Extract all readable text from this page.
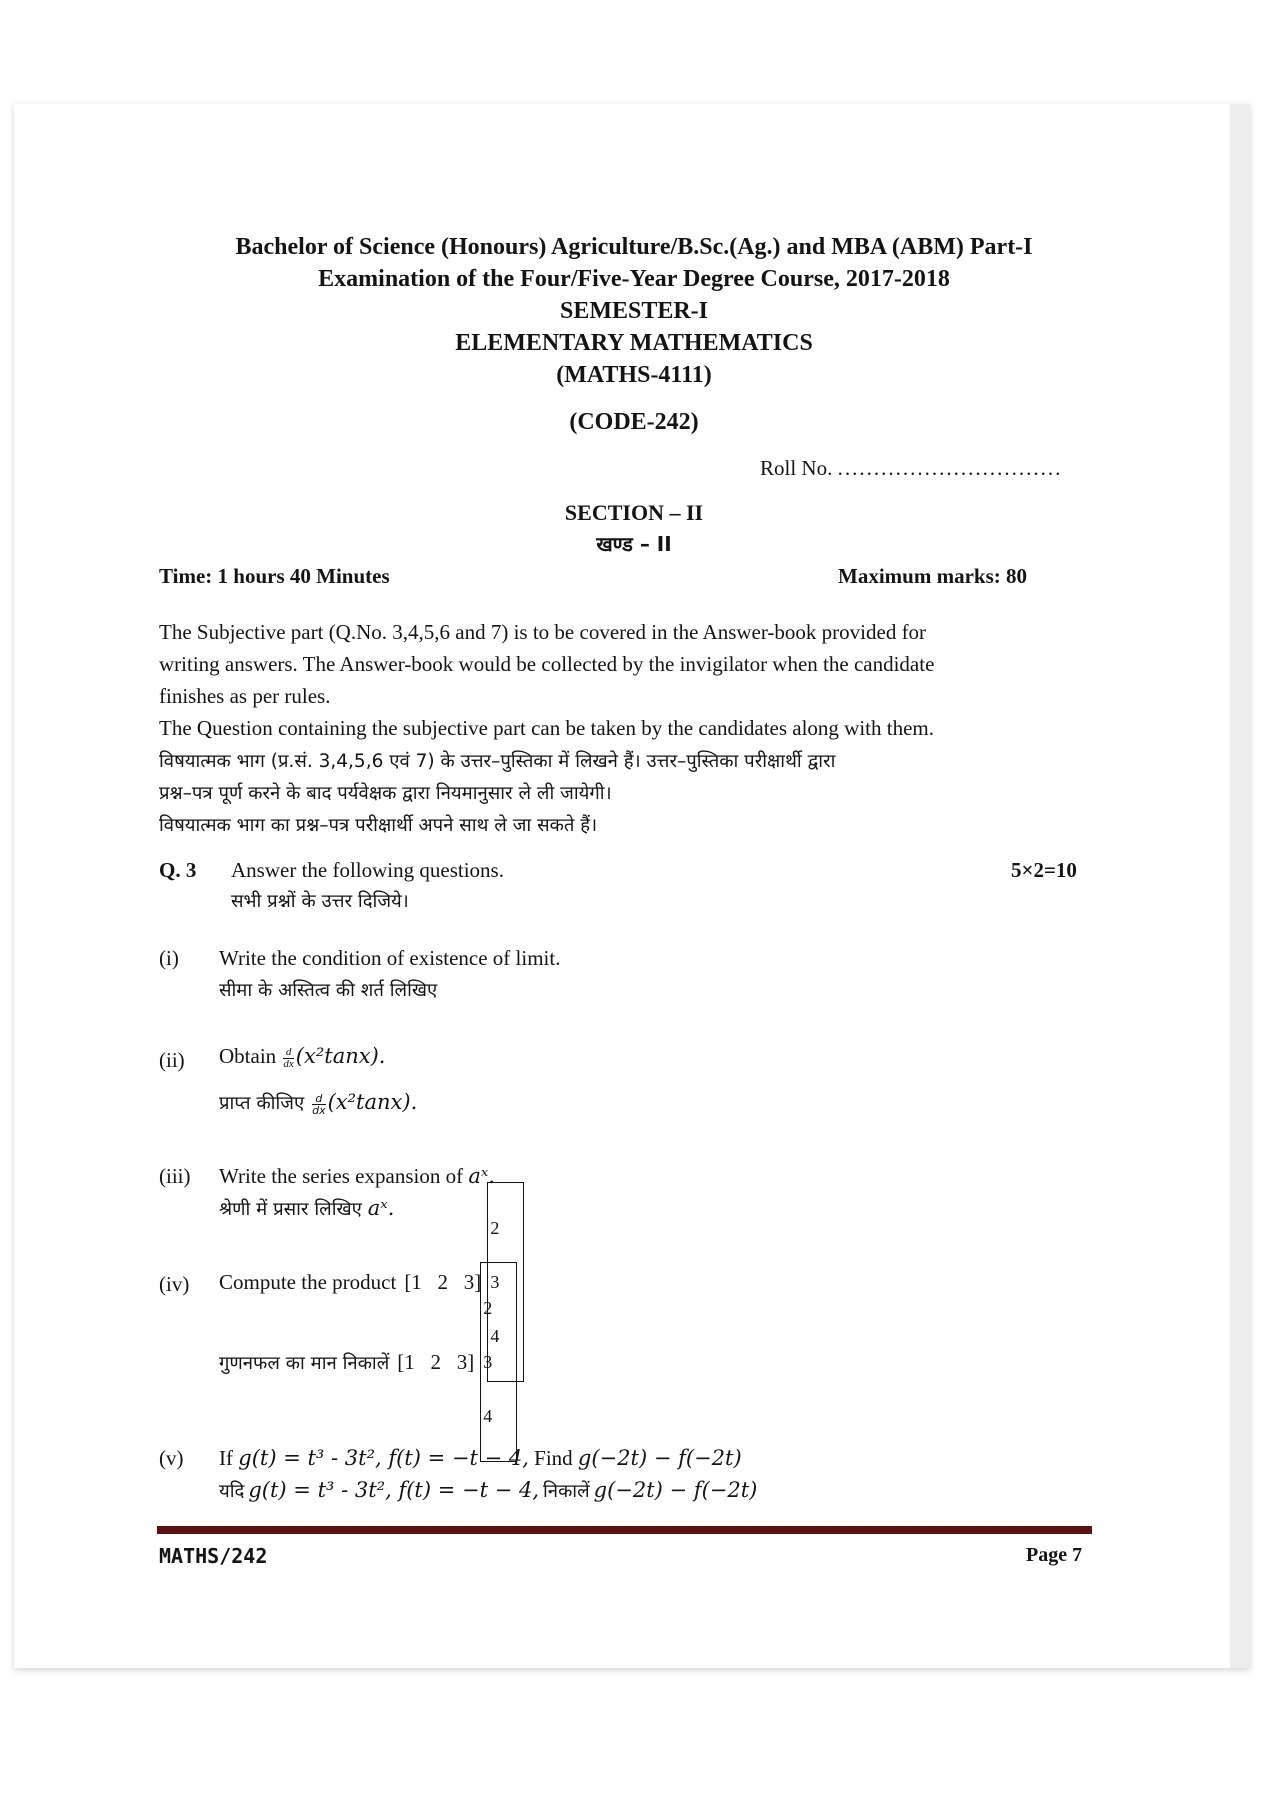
Bachelor of Science (Honours) Agriculture/B.Sc.(Ag.) and MBA (ABM) Part-I
Examination of the Four/Five-Year Degree Course, 2017-2018
SEMESTER-I
ELEMENTARY MATHEMATICS
(MATHS-4111)
(CODE-242)
Roll No. ...............................
SECTION – II
खण्ड – II
Time: 1 hours 40 Minutes	Maximum marks: 80
The Subjective part (Q.No. 3,4,5,6 and 7) is to be covered in the Answer-book provided for
writing answers. The Answer-book would be collected by the invigilator when the candidate
finishes as per rules.
The Question containing the subjective part can be taken by the candidates along with them.
विषयात्मक भाग (प्र.सं. 3,4,5,6 एवं 7) के उत्तर–पुस्तिका में लिखने हैं। उत्तर–पुस्तिका परीक्षार्थी द्वारा
प्रश्न–पत्र पूर्ण करने के बाद पर्यवेक्षक द्वारा नियमानुसार ले ली जायेगी।
विषयात्मक भाग का प्रश्न–पत्र परीक्षार्थी अपने साथ ले जा सकते हैं।
Q. 3 Answer the following questions.
सभी प्रश्नों के उत्तर दिजिये।
5×2=10
(i) Write the condition of existence of limit.
सीमा के अस्तित्व की शर्त लिखिए
(ii) Obtain $\frac{d}{dx} (x^2\tan x)$.
प्राप्त कीजिए $\frac{d}{dx} (x^2\tan x)$.
(iii) Write the series expansion of aˣ.
श्रेणी में प्रसार लिखिए aˣ.
(iv) Compute the product [1   2   3]

2

3

4

गुणनफल का मान निकालें [1   2   3]

2

3

4

(v) If g(t) = t³ - 3t², f(t) = −t − 4, Find g(−2t) − f(−2t)
यदि g(t) = t³ - 3t², f(t) = −t − 4, निकालें g(−2t) − f(−2t)
MATHS/242	Page 7
